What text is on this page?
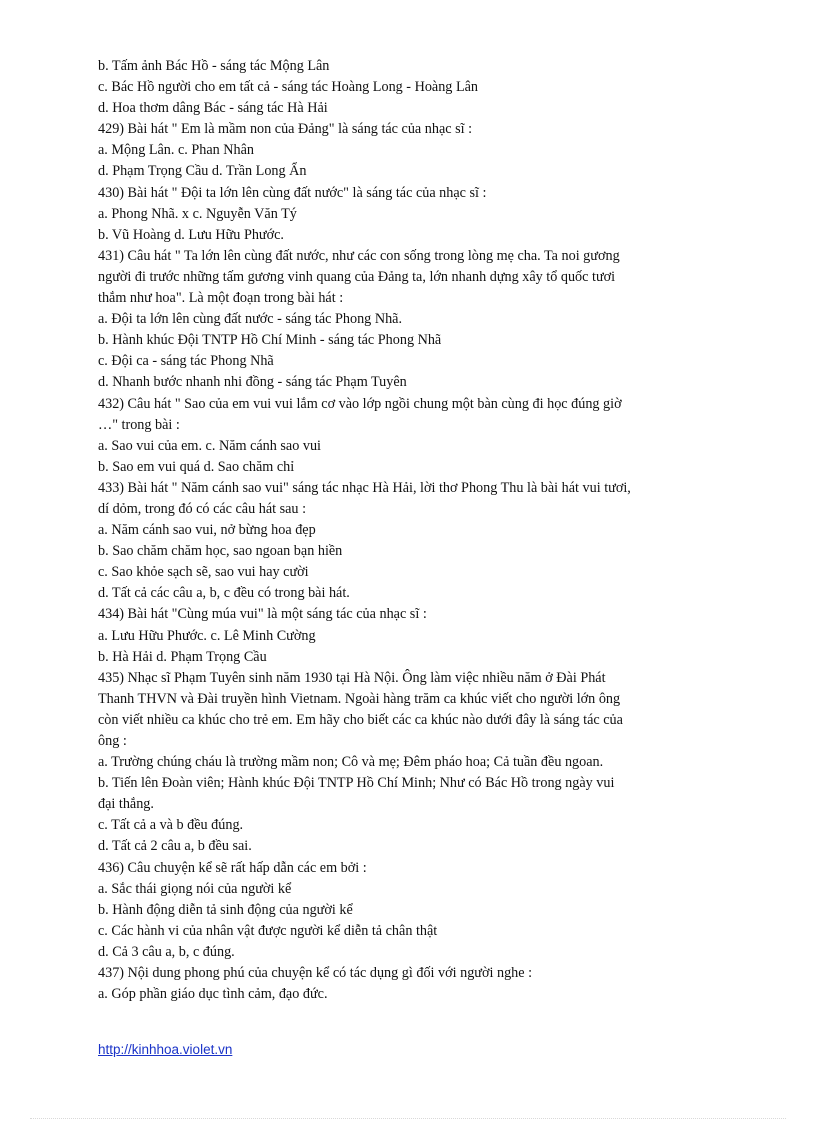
b. Tấm ảnh Bác Hồ - sáng tác Mộng Lân
c. Bác Hồ người cho em tất cả - sáng tác Hoàng Long - Hoàng Lân
d. Hoa thơm dâng Bác - sáng tác Hà Hải
429) Bài hát " Em là mầm non của Đảng" là sáng tác của nhạc sĩ :
a. Mộng Lân. c. Phan Nhân
d. Phạm Trọng Cầu d. Trần Long Ẩn
430) Bài hát " Đội ta lớn lên cùng đất nước" là sáng tác của nhạc sĩ :
a. Phong Nhã. x c. Nguyễn Văn Tý
b. Vũ Hoàng d. Lưu Hữu Phước.
431) Câu hát " Ta lớn lên cùng đất nước, như các con sống trong lòng mẹ cha. Ta noi gương
người đi trước những tấm gương vinh quang của Đảng ta, lớn nhanh dựng xây tổ quốc tươi
thắm như hoa". Là một đoạn trong bài hát :
a. Đội ta lớn lên cùng đất nước - sáng tác Phong Nhã.
b. Hành khúc Đội TNTP Hồ Chí Minh - sáng tác Phong Nhã
c. Đội ca - sáng tác Phong Nhã
d. Nhanh bước nhanh nhi đồng - sáng tác Phạm Tuyên
432) Câu hát " Sao của em vui vui lắm cơ vào lớp ngồi chung một bàn cùng đi học đúng giờ
…" trong bài :
a. Sao vui của em. c. Năm cánh sao vui
b. Sao em vui quá d. Sao chăm chỉ
433) Bài hát " Năm cánh sao vui" sáng tác nhạc Hà Hải, lời thơ Phong Thu là bài hát vui tươi,
dí dỏm, trong đó có các câu hát sau :
a. Năm cánh sao vui, nở bừng hoa đẹp
b. Sao chăm chăm học, sao ngoan bạn hiền
c. Sao khỏe sạch sẽ, sao vui hay cười
d. Tất cả các câu a, b, c đều có trong bài hát.
434) Bài hát "Cùng múa vui" là một sáng tác của nhạc sĩ :
a. Lưu Hữu Phước. c. Lê Minh Cường
b. Hà Hải d. Phạm Trọng Cầu
435) Nhạc sĩ Phạm Tuyên sinh năm 1930 tại Hà Nội. Ông làm việc nhiều năm ở Đài Phát
Thanh THVN và Đài truyền hình Vietnam. Ngoài hàng trăm ca khúc viết cho người lớn ông
còn viết nhiều ca khúc cho trẻ em. Em hãy cho biết các ca khúc nào dưới đây là sáng tác của
ông :
a. Trường chúng cháu là trường mầm non; Cô và mẹ; Đêm pháo hoa; Cả tuần đều ngoan.
b. Tiến lên Đoàn viên; Hành khúc Đội TNTP Hồ Chí Minh; Như có Bác Hồ trong ngày vui
đại thắng.
c. Tất cả a và b đều đúng.
d. Tất cả 2 câu a, b đều sai.
436) Câu chuyện kể sẽ rất hấp dẫn các em bởi :
a. Sắc thái giọng nói của người kể
b. Hành động diễn tả sinh động của người kể
c. Các hành vi của nhân vật được người kể diễn tả chân thật
d. Cả 3 câu a, b, c đúng.
437) Nội dung phong phú của chuyện kể có tác dụng gì đối với người nghe :
a. Góp phần giáo dục tình cảm, đạo đức.
http://kinhhoa.violet.vn
